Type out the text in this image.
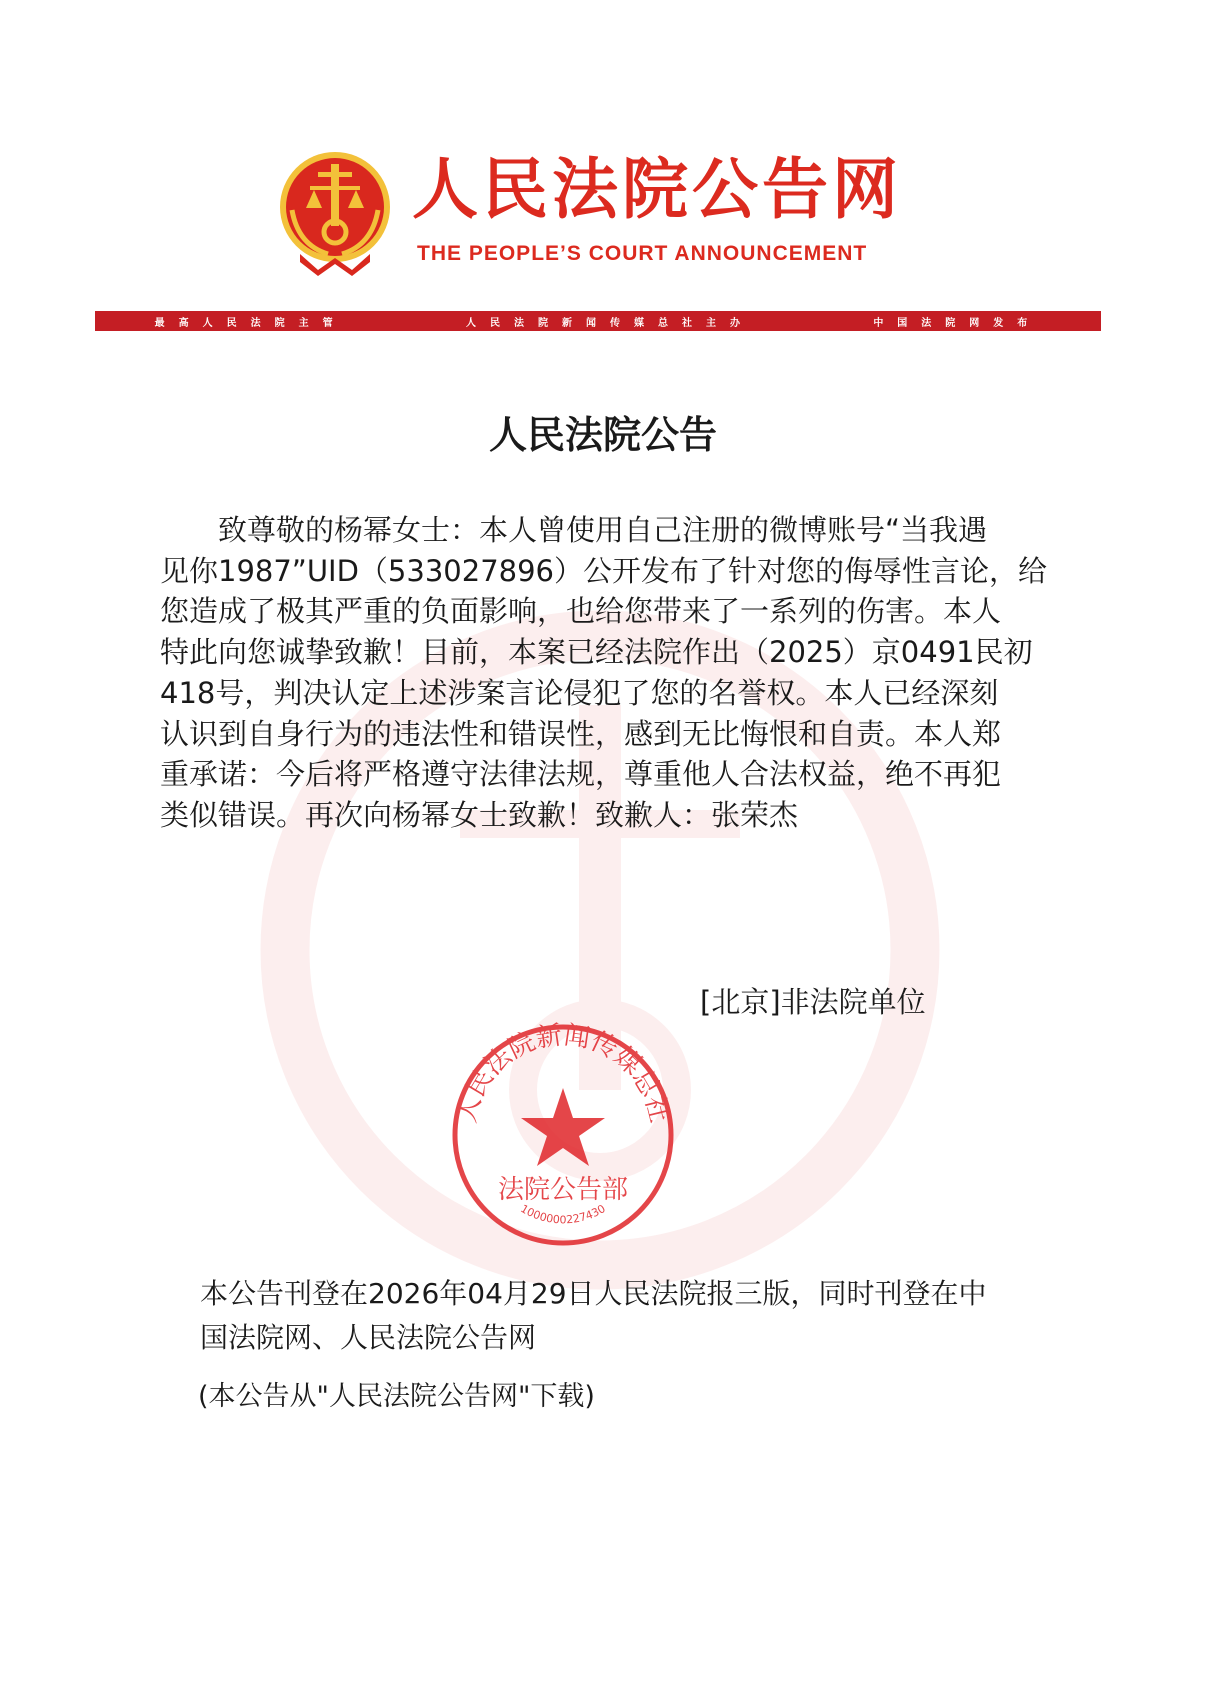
人民法院公告网
THE PEOPLE’S COURT ANNOUNCEMENT
最高人民法院主管	人民法院新闻传媒总社主办	中国法院网发布
人民法院公告
　　致尊敬的杨幂女士：本人曾使用自己注册的微博账号“当我遇
见你1987”UID（533027896）公开发布了针对您的侮辱性言论，给
您造成了极其严重的负面影响，也给您带来了一系列的伤害。本人
特此向您诚挚致歉！目前，本案已经法院作出（2025）京0491民初
418号，判决认定上述涉案言论侵犯了您的名誉权。本人已经深刻
认识到自身行为的违法性和错误性，感到无比悔恨和自责。本人郑
重承诺：今后将严格遵守法律法规，尊重他人合法权益，绝不再犯
类似错误。再次向杨幂女士致歉！致歉人：张荣杰
[北京]非法院单位
人民法院新闻传媒总社
法院公告部
1000000227430
本公告刊登在2026年04月29日人民法院报三版，同时刊登在中
国法院网、人民法院公告网
(本公告从"人民法院公告网"下载)
